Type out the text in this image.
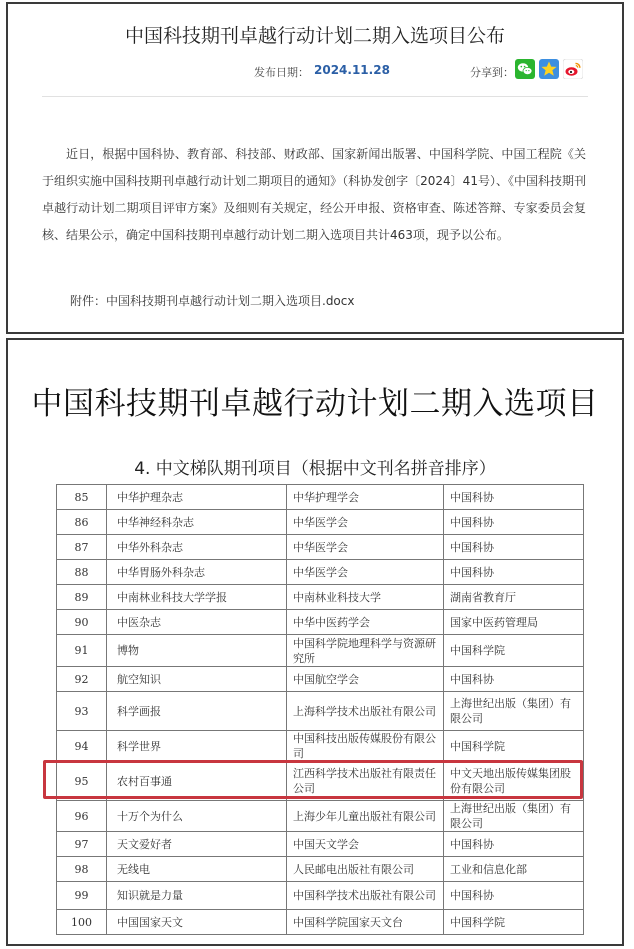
中国科技期刊卓越行动计划二期入选项目公布
发布日期： 2024.11.28	分享到：

近日，根据中国科协、教育部、科技部、财政部、国家新闻出版署、中国科学院、中国工程院《关于组织实施中国科技期刊卓越行动计划二期项目的通知》（科协发创字〔2024〕41号）、《中国科技期刊卓越行动计划二期项目评审方案》及细则有关规定，经公开申报、资格审查、陈述答辩、专家委员会复核、结果公示，确定中国科技期刊卓越行动计划二期入选项目共计463项，现予以公布。

附件：中国科技期刊卓越行动计划二期入选项目.docx
中国科技期刊卓越行动计划二期入选项目
4. 中文梯队期刊项目（根据中文刊名拼音排序）
85	中华护理杂志	中华护理学会	中国科协
86	中华神经科杂志	中华医学会	中国科协
87	中华外科杂志	中华医学会	中国科协
88	中华胃肠外科杂志	中华医学会	中国科协
89	中南林业科技大学学报	中南林业科技大学	湖南省教育厅
90	中医杂志	中华中医药学会	国家中医药管理局
91	博物	中国科学院地理科学与资源研究所	中国科学院
92	航空知识	中国航空学会	中国科协
93	科学画报	上海科学技术出版社有限公司	上海世纪出版（集团）有限公司
94	科学世界	中国科技出版传媒股份有限公司	中国科学院
95	农村百事通	江西科学技术出版社有限责任公司	中文天地出版传媒集团股份有限公司
96	十万个为什么	上海少年儿童出版社有限公司	上海世纪出版（集团）有限公司
97	天文爱好者	中国天文学会	中国科协
98	无线电	人民邮电出版社有限公司	工业和信息化部
99	知识就是力量	中国科学技术出版社有限公司	中国科协
100	中国国家天文	中国科学院国家天文台	中国科学院
